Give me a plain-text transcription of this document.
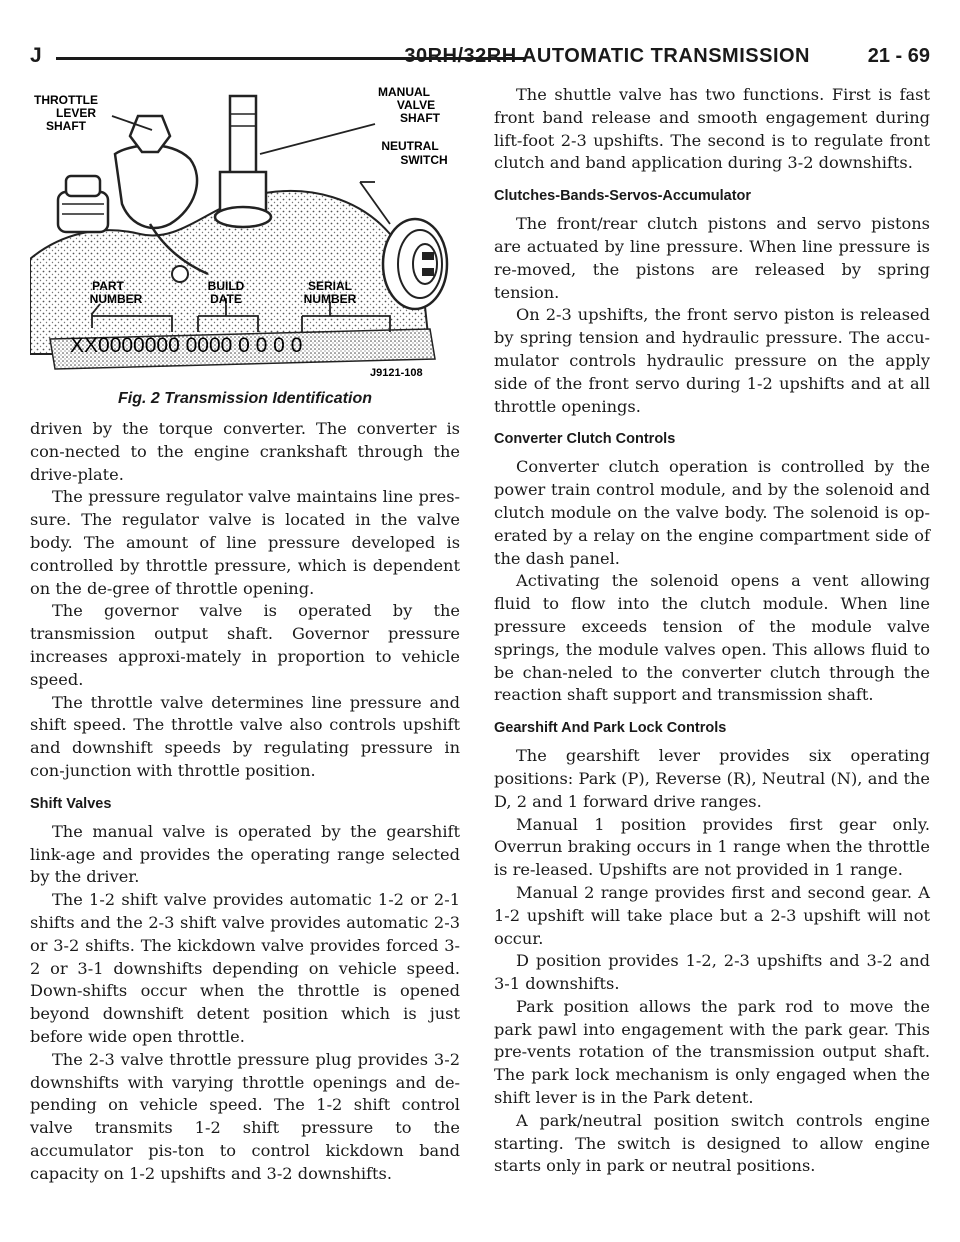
J	30RH/32RH AUTOMATIC TRANSMISSION	21 - 69
THROTTLE
LEVER
SHAFT
MANUAL
VALVE
SHAFT
NEUTRAL
SWITCH
PART
NUMBER
BUILD
DATE
SERIAL
NUMBER
XX0000000 0000 0 0 0 0
J9121-108
Fig. 2 Transmission Identification

driven by the torque converter. The converter is con-nected to the engine crankshaft through the drive-plate.

The pressure regulator valve maintains line pres-sure. The regulator valve is located in the valve body. The amount of line pressure developed is controlled by throttle pressure, which is dependent on the de-gree of throttle opening.

The governor valve is operated by the transmission output shaft. Governor pressure increases approxi-mately in proportion to vehicle speed.

The throttle valve determines line pressure and shift speed. The throttle valve also controls upshift and downshift speeds by regulating pressure in con-junction with throttle position.

Shift Valves

The manual valve is operated by the gearshift link-age and provides the operating range selected by the driver.

The 1-2 shift valve provides automatic 1-2 or 2-1 shifts and the 2-3 shift valve provides automatic 2-3 or 3-2 shifts. The kickdown valve provides forced 3-2 or 3-1 downshifts depending on vehicle speed. Down-shifts occur when the throttle is opened beyond downshift detent position which is just before wide open throttle.

The 2-3 valve throttle pressure plug provides 3-2 downshifts with varying throttle openings and de-pending on vehicle speed. The 1-2 shift control valve transmits 1-2 shift pressure to the accumulator pis-ton to control kickdown band capacity on 1-2 upshifts and 3-2 downshifts.

The shuttle valve has two functions. First is fast front band release and smooth engagement during lift-foot 2-3 upshifts. The second is to regulate front clutch and band application during 3-2 downshifts.

Clutches-Bands-Servos-Accumulator

The front/rear clutch pistons and servo pistons are actuated by line pressure. When line pressure is re-moved, the pistons are released by spring tension.

On 2-3 upshifts, the front servo piston is released by spring tension and hydraulic pressure. The accu-mulator controls hydraulic pressure on the apply side of the front servo during 1-2 upshifts and at all throttle openings.

Converter Clutch Controls

Converter clutch operation is controlled by the power train control module, and by the solenoid and clutch module on the valve body. The solenoid is op-erated by a relay on the engine compartment side of the dash panel.

Activating the solenoid opens a vent allowing fluid to flow into the clutch module. When line pressure exceeds tension of the module valve springs, the module valves open. This allows fluid to be chan-neled to the converter clutch through the reaction shaft support and transmission shaft.

Gearshift And Park Lock Controls

The gearshift lever provides six operating positions: Park (P), Reverse (R), Neutral (N), and the D, 2 and 1 forward drive ranges.

Manual 1 position provides first gear only. Overrun braking occurs in 1 range when the throttle is re-leased. Upshifts are not provided in 1 range.

Manual 2 range provides first and second gear. A 1-2 upshift will take place but a 2-3 upshift will not occur.

D position provides 1-2, 2-3 upshifts and 3-2 and 3-1 downshifts.

Park position allows the park rod to move the park pawl into engagement with the park gear. This pre-vents rotation of the transmission output shaft. The park lock mechanism is only engaged when the shift lever is in the Park detent.

A park/neutral position switch controls engine starting. The switch is designed to allow engine starts only in park or neutral positions.
